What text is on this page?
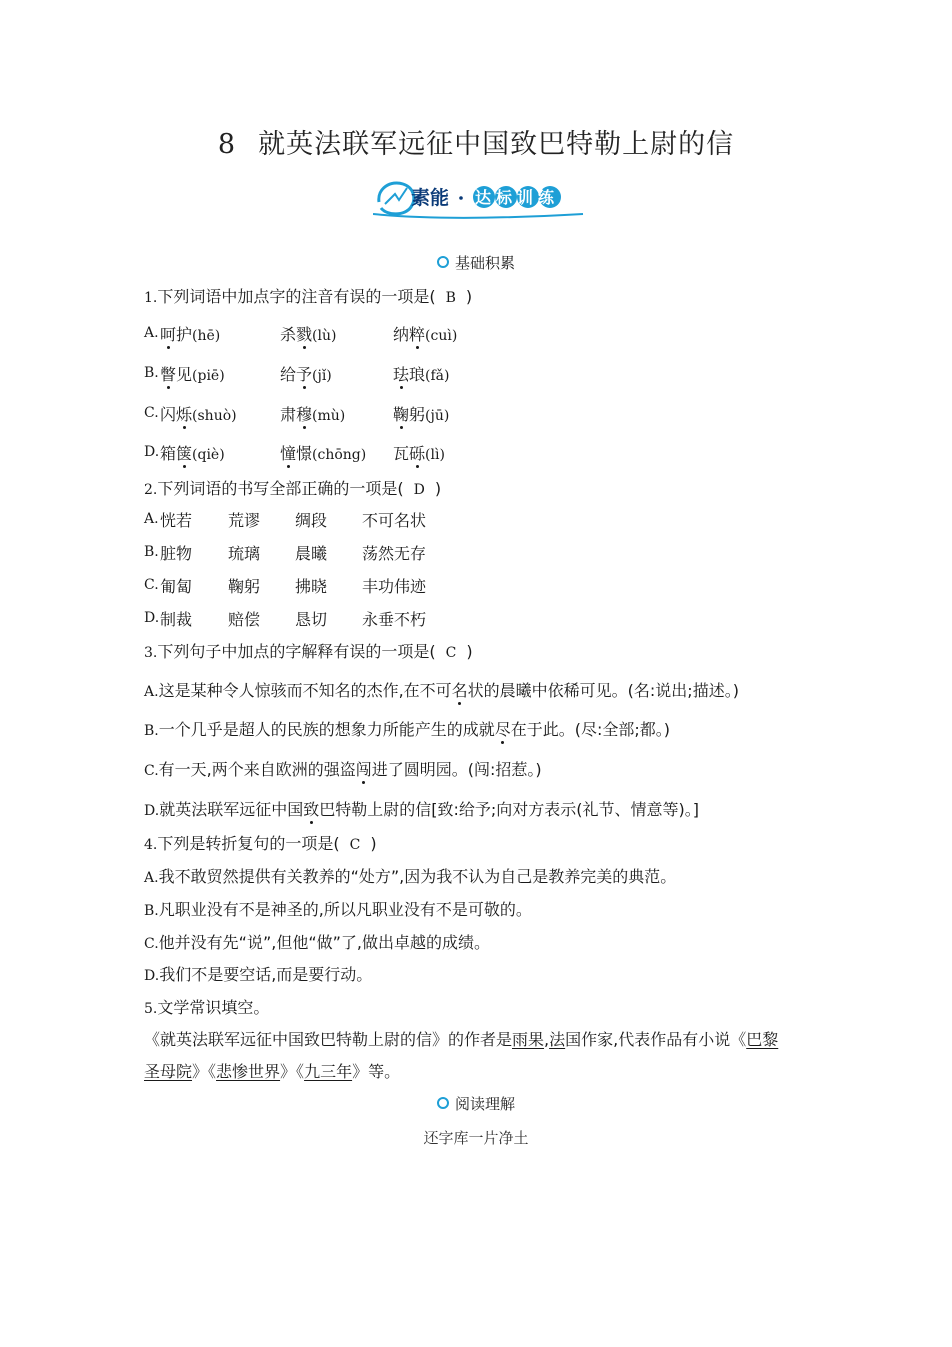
8 就英法联军远征中国致巴特勒上尉的信
素能 达标训练
基础积累
1.下列词语中加点字的注音有误的一项是( B )
A. 呵护(hē)	杀戮(lù)	纳粹(cuì)
B. 瞥见(piē)	给予(jǐ)	珐琅(fǎ)
C. 闪烁(shuò)	肃穆(mù)	鞠躬(jū)
D. 箱箧(qiè)	憧憬(chōng) 瓦砾(lì)
2.下列词语的书写全部正确的一项是( D )
A. 恍若 荒谬 绸段 不可名状
B. 脏物 琉璃 晨曦 荡然无存
C. 匍匐 鞠躬 拂晓 丰功伟迹
D. 制裁 赔偿 恳切 永垂不朽
3.下列句子中加点的字解释有误的一项是( C )
A.这是某种令人惊骇而不知名的杰作,在不可名状的晨曦中依稀可见。(名:说出;描述。)
B.一个几乎是超人的民族的想象力所能产生的成就尽在于此。(尽:全部;都。)
C.有一天,两个来自欧洲的强盗闯进了圆明园。(闯:招惹。)
D.就英法联军远征中国致巴特勒上尉的信[致:给予;向对方表示(礼节、情意等)。]
4.下列是转折复句的一项是( C )
A.我不敢贸然提供有关教养的“处方”,因为我不认为自己是教养完美的典范。
B.凡职业没有不是神圣的,所以凡职业没有不是可敬的。
C.他并没有先“说”,但他“做”了,做出卓越的成绩。
D.我们不是要空话,而是要行动。
5.文学常识填空。
《就英法联军远征中国致巴特勒上尉的信》的作者是雨果,法国作家,代表作品有小说《巴黎
圣母院》《悲惨世界》《九三年》等。
阅读理解
还字库一片净土
